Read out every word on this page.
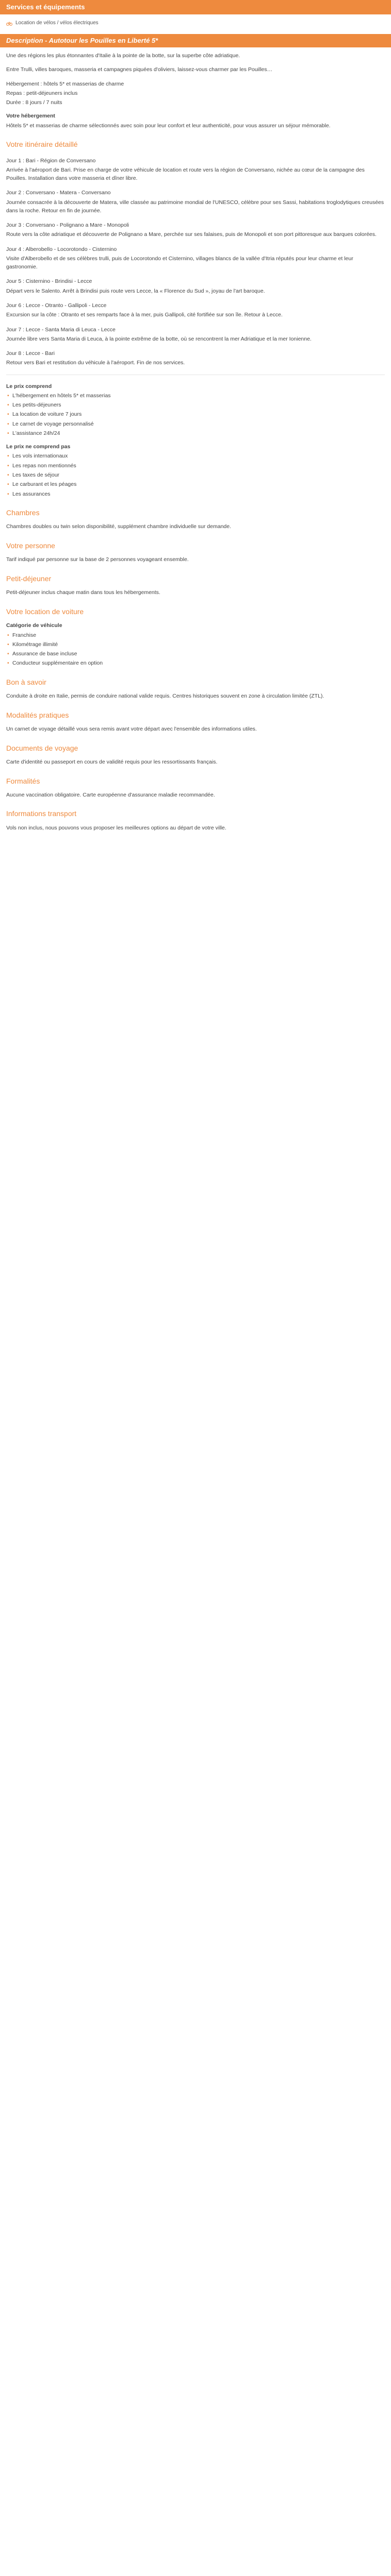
Services et équipements
Location de vélos / vélos électriques
Description - Autotour les Pouilles en Liberté 5*

Une des régions les plus étonnantes d'Italie à la pointe de la botte, sur la superbe côte adriatique.

Entre Trulli, villes baroques, masseria et campagnes piquées d'oliviers, laissez-vous charmer par les Pouilles…

Hébergement : hôtels 5* et masserias de charme
Repas : petit-déjeuners inclus
Durée : 8 jours / 7 nuits
Votre hébergement

Hôtels 5* et masserias de charme sélectionnés avec soin pour leur confort et leur authenticité, pour vous assurer un séjour mémorable.

Votre itinéraire détaillé
Jour 1 : Bari - Région de Conversano

Arrivée à l'aéroport de Bari. Prise en charge de votre véhicule de location et route vers la région de Conversano, nichée au cœur de la campagne des Pouilles. Installation dans votre masseria et dîner libre.

Jour 2 : Conversano - Matera - Conversano

Journée consacrée à la découverte de Matera, ville classée au patrimoine mondial de l'UNESCO, célèbre pour ses Sassi, habitations troglodytiques creusées dans la roche. Retour en fin de journée.

Jour 3 : Conversano - Polignano a Mare - Monopoli

Route vers la côte adriatique et découverte de Polignano a Mare, perchée sur ses falaises, puis de Monopoli et son port pittoresque aux barques colorées.

Jour 4 : Alberobello - Locorotondo - Cisternino

Visite d'Alberobello et de ses célèbres trulli, puis de Locorotondo et Cisternino, villages blancs de la vallée d'Itria réputés pour leur charme et leur gastronomie.

Jour 5 : Cisternino - Brindisi - Lecce

Départ vers le Salento. Arrêt à Brindisi puis route vers Lecce, la « Florence du Sud », joyau de l'art baroque.

Jour 6 : Lecce - Otranto - Gallipoli - Lecce

Excursion sur la côte : Otranto et ses remparts face à la mer, puis Gallipoli, cité fortifiée sur son île. Retour à Lecce.

Jour 7 : Lecce - Santa Maria di Leuca - Lecce

Journée libre vers Santa Maria di Leuca, à la pointe extrême de la botte, où se rencontrent la mer Adriatique et la mer Ionienne.

Jour 8 : Lecce - Bari

Retour vers Bari et restitution du véhicule à l'aéroport. Fin de nos services.

Le prix comprend
• L'hébergement en hôtels 5* et masserias
• Les petits-déjeuners
• La location de voiture 7 jours
• Le carnet de voyage personnalisé
• L'assistance 24h/24
Le prix ne comprend pas
• Les vols internationaux
• Les repas non mentionnés
• Les taxes de séjour
• Le carburant et les péages
• Les assurances
Chambres

Chambres doubles ou twin selon disponibilité, supplément chambre individuelle sur demande.

Votre personne

Tarif indiqué par personne sur la base de 2 personnes voyageant ensemble.

Petit-déjeuner

Petit-déjeuner inclus chaque matin dans tous les hébergements.

Votre location de voiture
Catégorie de véhicule
• Franchise
• Kilométrage illimité
• Assurance de base incluse
• Conducteur supplémentaire en option
Bon à savoir

Conduite à droite en Italie, permis de conduire national valide requis. Centres historiques souvent en zone à circulation limitée (ZTL).

Modalités pratiques

Un carnet de voyage détaillé vous sera remis avant votre départ avec l'ensemble des informations utiles.

Documents de voyage

Carte d'identité ou passeport en cours de validité requis pour les ressortissants français.

Formalités

Aucune vaccination obligatoire. Carte européenne d'assurance maladie recommandée.

Informations transport

Vols non inclus, nous pouvons vous proposer les meilleures options au départ de votre ville.
